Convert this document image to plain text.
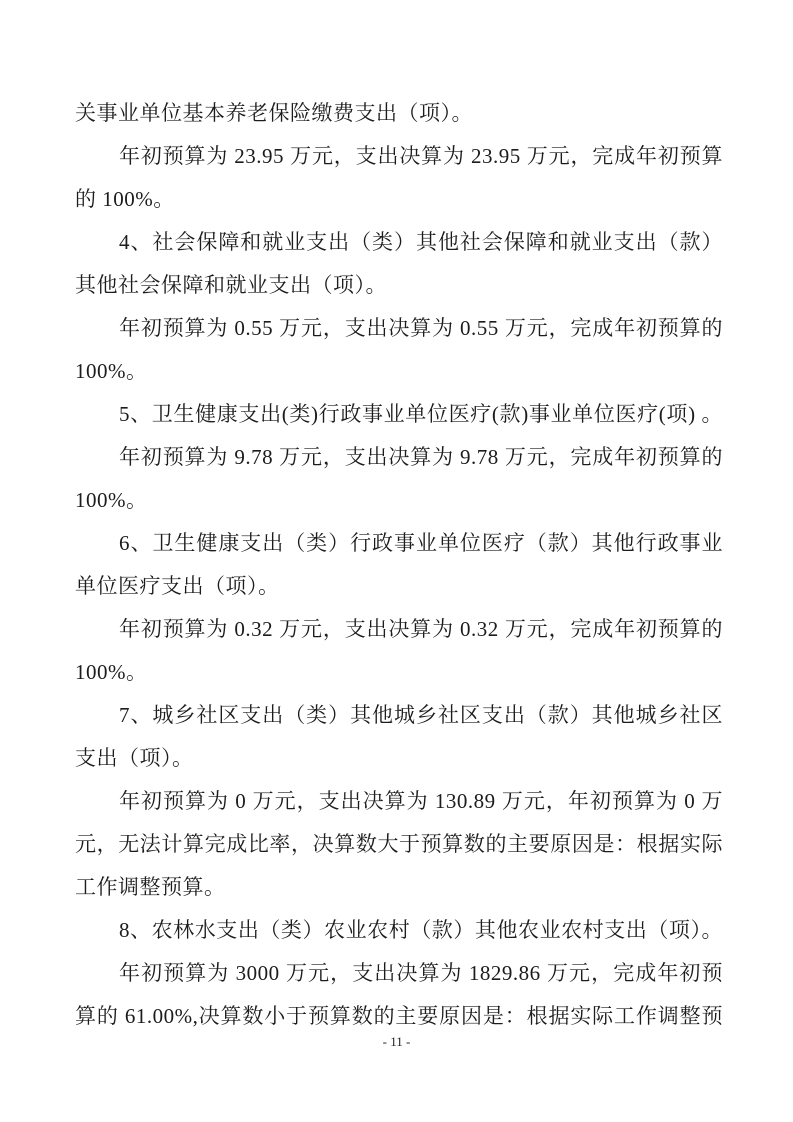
关事业单位基本养老保险缴费支出（项）。
年初预算为 23.95 万元，支出决算为 23.95 万元，完成年初预算
的 100%。
4、社会保障和就业支出（类）其他社会保障和就业支出（款）
其他社会保障和就业支出（项）。
年初预算为 0.55 万元，支出决算为 0.55 万元，完成年初预算的
100%。
5、卫生健康支出(类)行政事业单位医疗(款)事业单位医疗(项) 。
年初预算为 9.78 万元，支出决算为 9.78 万元，完成年初预算的
100%。
6、卫生健康支出（类）行政事业单位医疗（款）其他行政事业
单位医疗支出（项）。
年初预算为 0.32 万元，支出决算为 0.32 万元，完成年初预算的
100%。
7、城乡社区支出（类）其他城乡社区支出（款）其他城乡社区
支出（项）。
年初预算为 0 万元，支出决算为 130.89 万元，年初预算为 0 万
元，无法计算完成比率，决算数大于预算数的主要原因是：根据实际
工作调整预算。
8、农林水支出（类）农业农村（款）其他农业农村支出（项）。
年初预算为 3000 万元，支出决算为 1829.86 万元，完成年初预
算的 61.00%,决算数小于预算数的主要原因是：根据实际工作调整预
- 11 -
